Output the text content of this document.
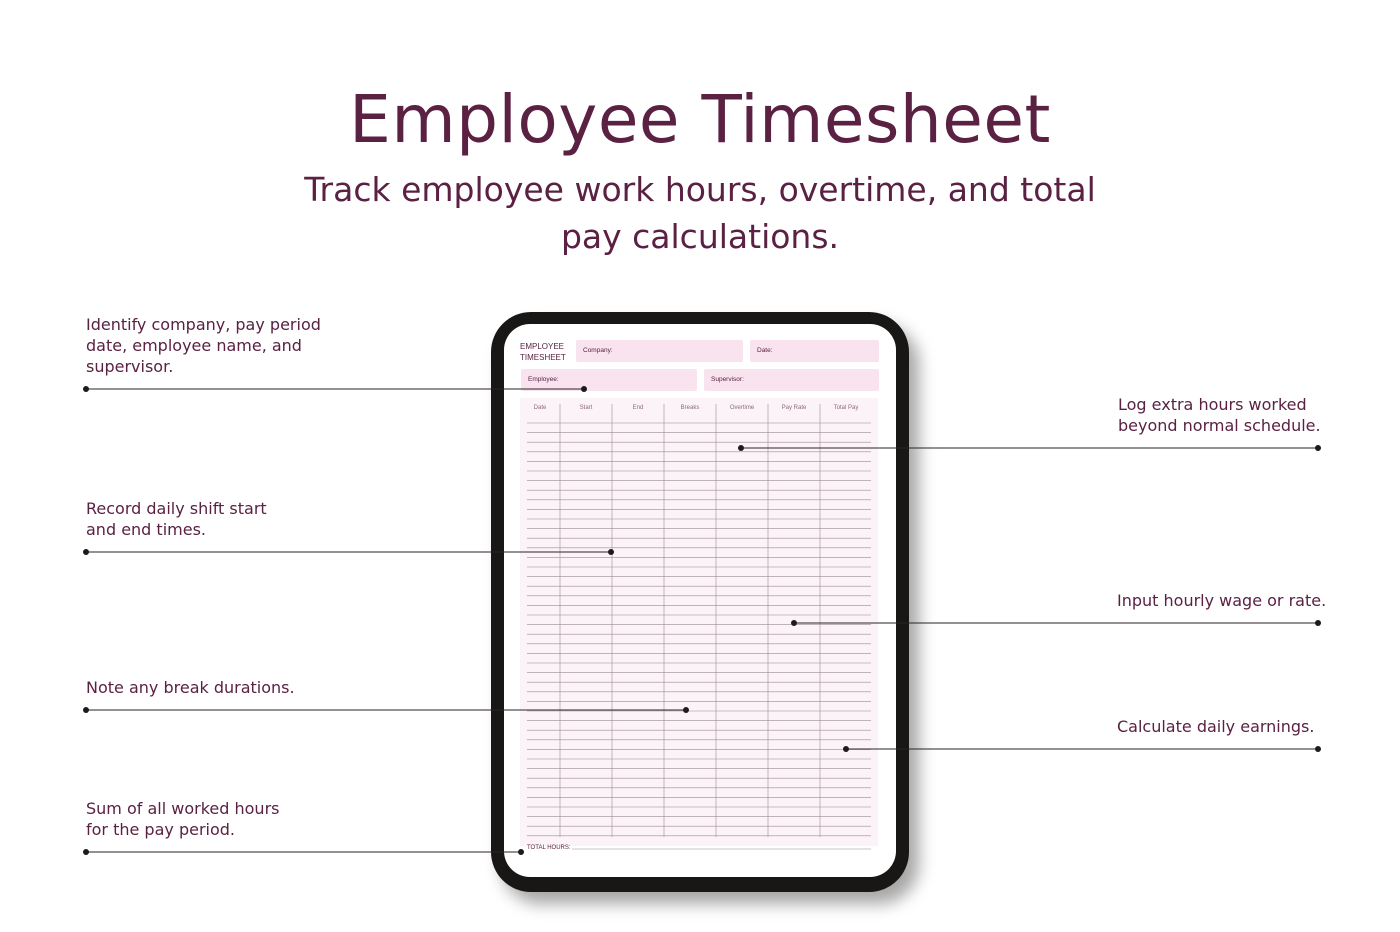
Employee Timesheet

Track employee work hours, overtime, and total pay calculations.

Identify company, pay period
date, employee name, and
supervisor.

Record daily shift start
and end times.

Note any break durations.

Sum of all worked hours
for the pay period.

Log extra hours worked
beyond normal schedule.

Input hourly wage or rate.

Calculate daily earnings.

EMPLOYEE
TIMESHEET
Company:	Date:
Employee:	Supervisor:
Date	Start	End	Breaks	Overtime	Pay Rate	Total Pay
TOTAL HOURS:
